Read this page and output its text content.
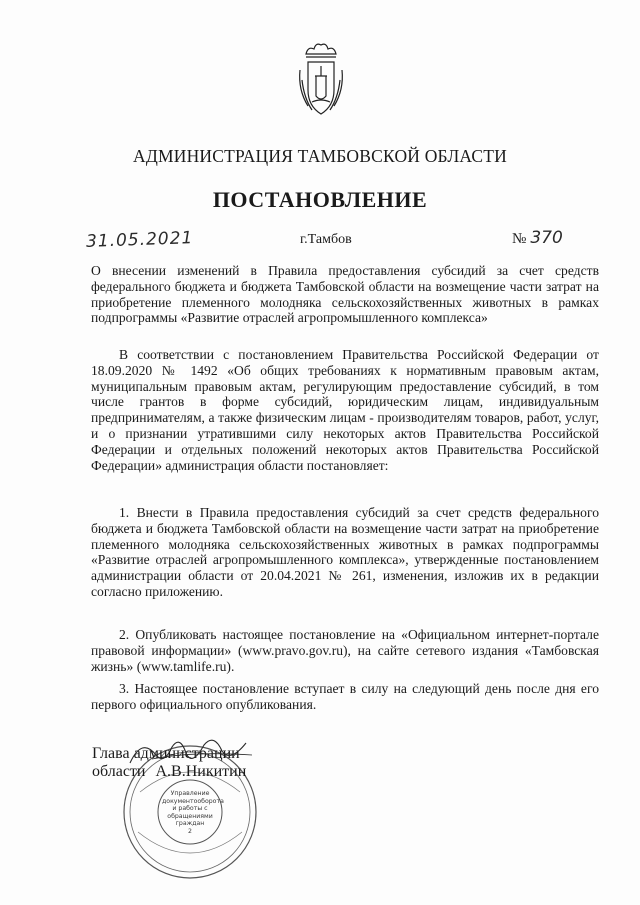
АДМИНИСТРАЦИЯ ТАМБОВСКОЙ ОБЛАСТИ
ПОСТАНОВЛЕНИЕ
31.05.2021	г.Тамбов	№ 370
О внесении изменений в Правила предоставления субсидий за счет средств федерального бюджета и бюджета Тамбовской области на возмещение части затрат на приобретение племенного молодняка сельскохозяйственных животных в рамках подпрограммы «Развитие отраслей агропромышленного комплекса»
В соответствии с постановлением Правительства Российской Федерации от 18.09.2020 № 1492 «Об общих требованиях к нормативным правовым актам, муниципальным правовым актам, регулирующим предоставление субсидий, в том числе грантов в форме субсидий, юридическим лицам, индивидуальным предпринимателям, а также физическим лицам - производителям товаров, работ, услуг, и о признании утратившими силу некоторых актов Правительства Российской Федерации и отдельных положений некоторых актов Правительства Российской Федерации» администрация области постановляет:
1. Внести в Правила предоставления субсидий за счет средств федерального бюджета и бюджета Тамбовской области на возмещение части затрат на приобретение племенного молодняка сельскохозяйственных животных в рамках подпрограммы «Развитие отраслей агропромышленного комплекса», утвержденные постановлением администрации области от 20.04.2021 № 261, изменения, изложив их в редакции согласно приложению.
2. Опубликовать настоящее постановление на «Официальном интернет-портале правовой информации» (www.pravo.gov.ru), на сайте сетевого издания «Тамбовская жизнь» (www.tamlife.ru).
3. Настоящее постановление вступает в силу на следующий день после дня его первого официального опубликования.
Управление документооборота и работы с обращениями граждан
2
Глава администрации
области А.В.Никитин
